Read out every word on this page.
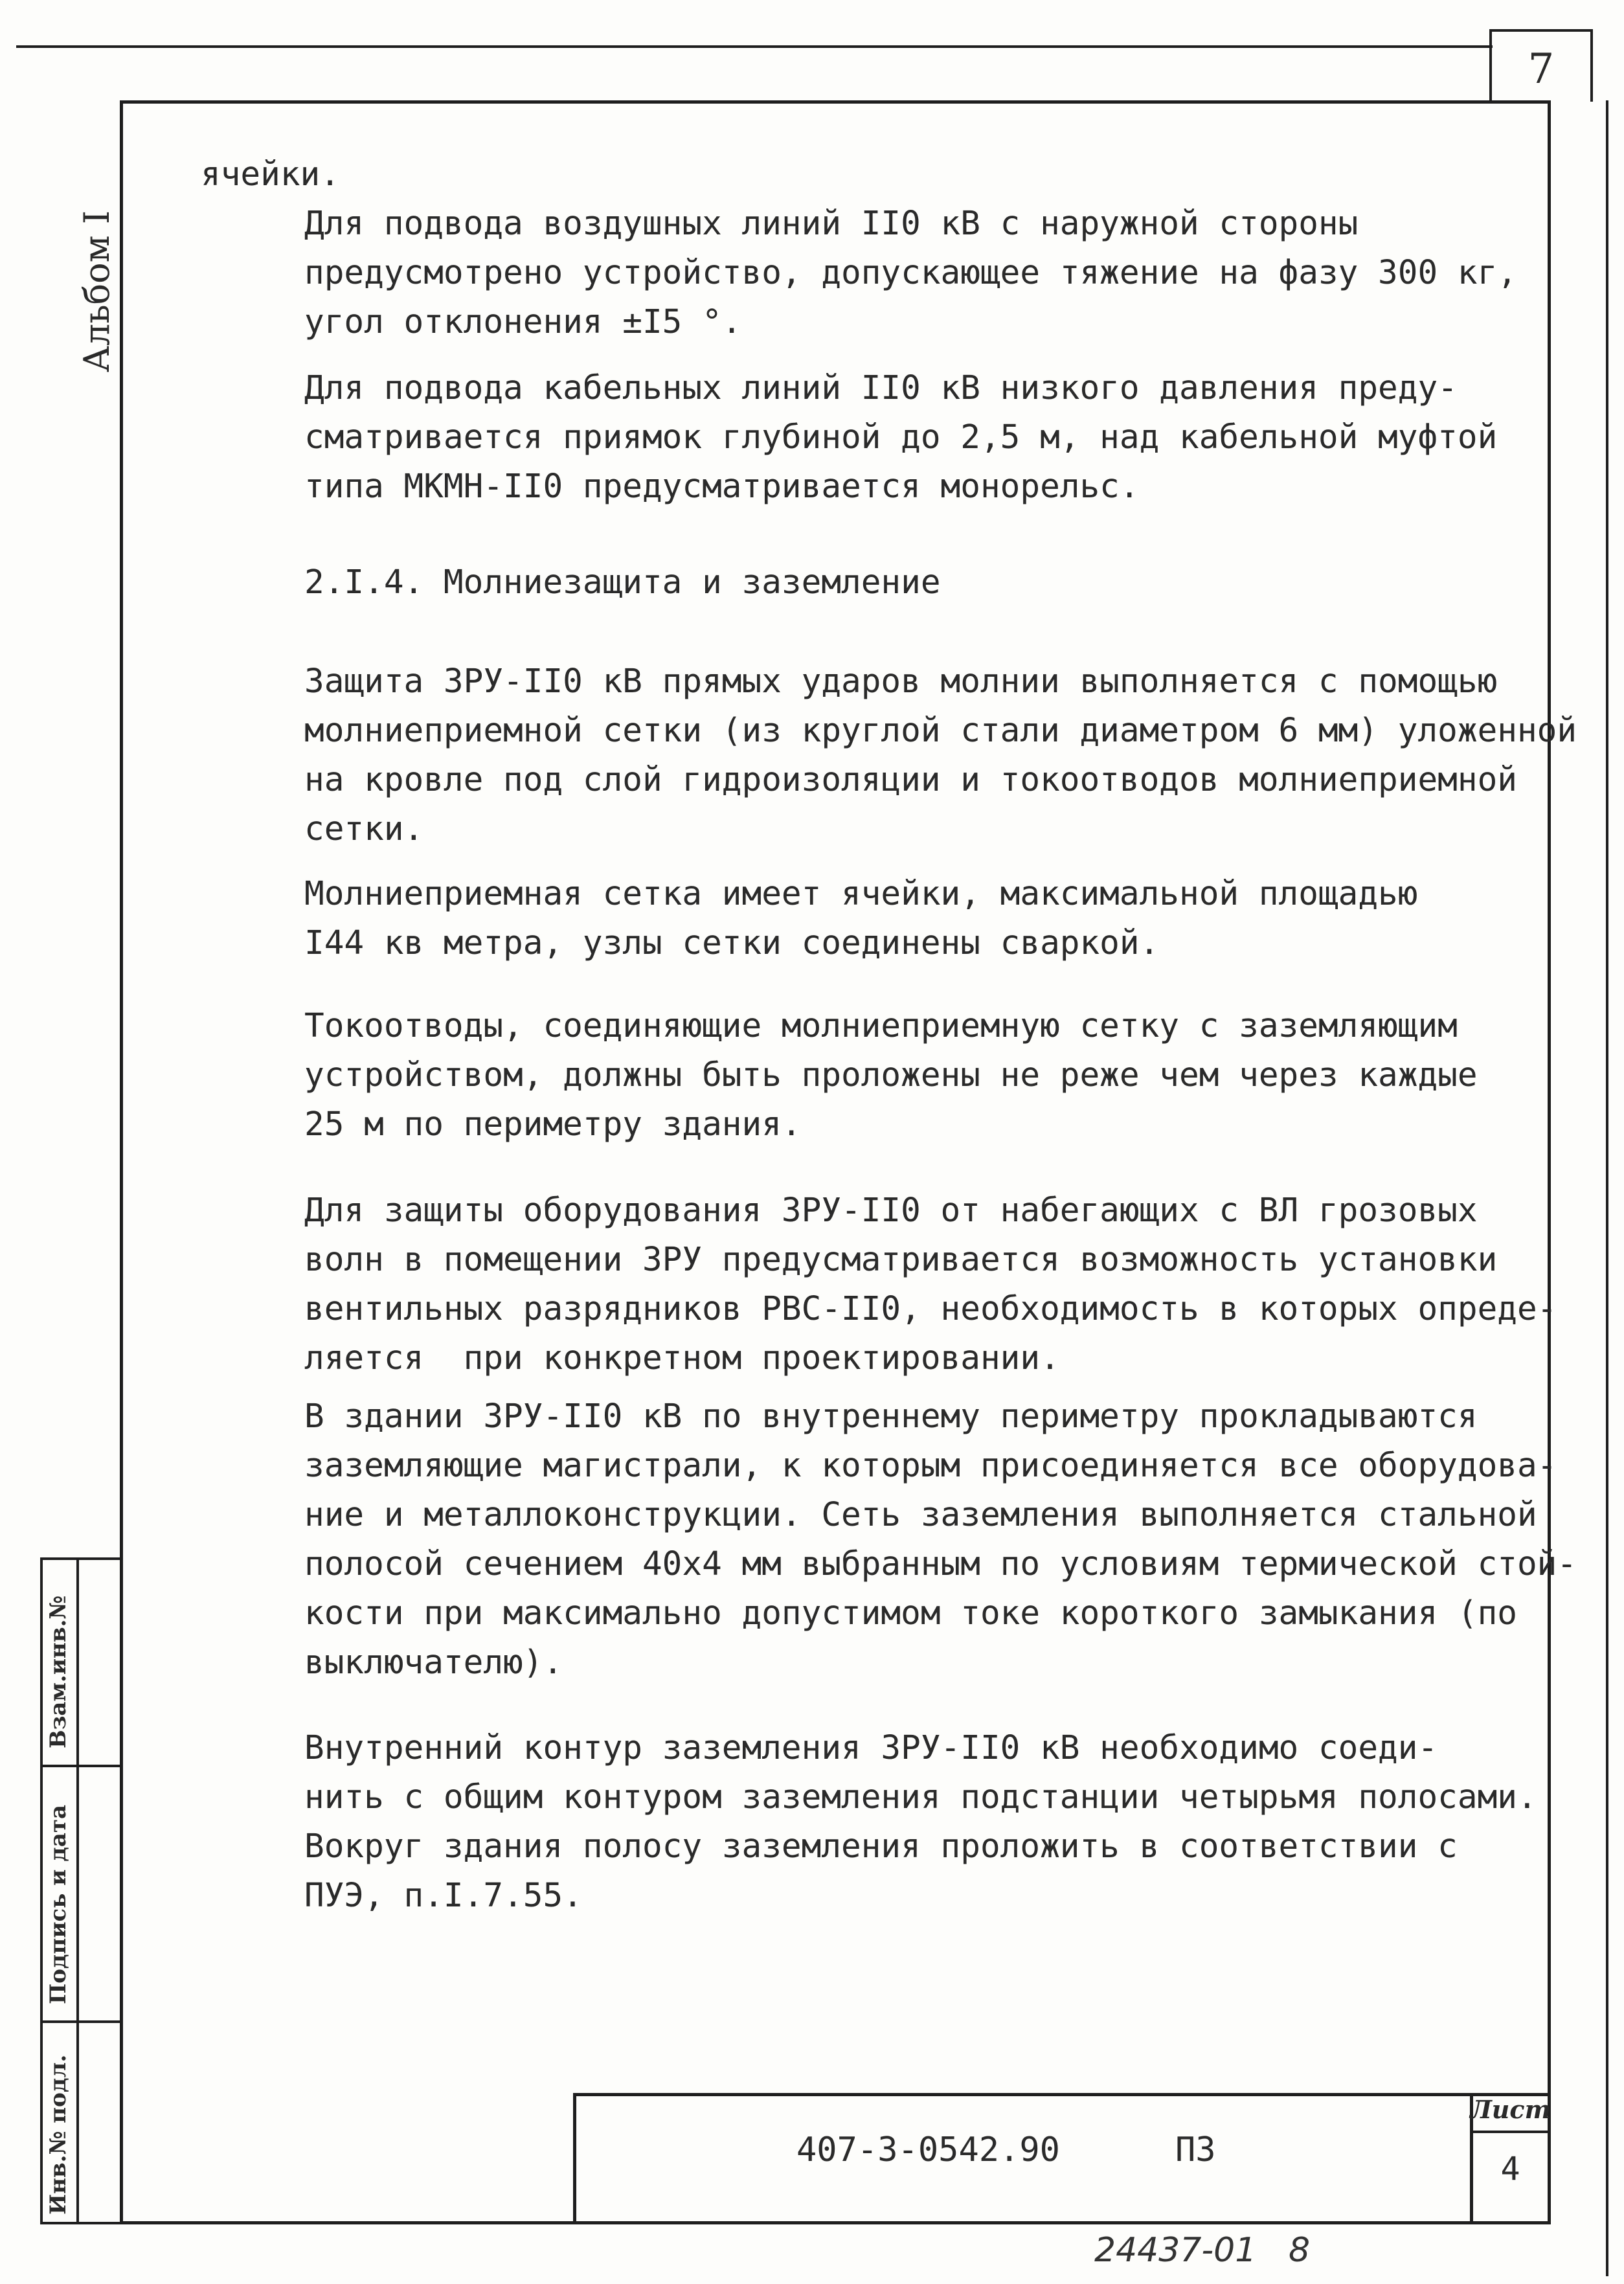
7
Альбом I
Взам.инв.№
Подпись и дата
Инв.№ подл.
ячейки.
Для подвода воздушных линий II0 кВ с наружной стороны
предусмотрено устройство, допускающее тяжение на фазу 300 кг,
угол отклонения ±I5 °.
Для подвода кабельных линий II0 кВ низкого давления преду-
сматривается приямок глубиной до 2,5 м, над кабельной муфтой
типа МКМН-II0 предусматривается монорельс.
2.I.4. Молниезащита и заземление
Защита ЗРУ-II0 кВ прямых ударов молнии выполняется с помощью
молниеприемной сетки (из круглой стали диаметром 6 мм) уложенной
на кровле под слой гидроизоляции и токоотводов молниеприемной
сетки.
Молниеприемная сетка имеет ячейки, максимальной площадью
I44 кв метра, узлы сетки соединены сваркой.
Токоотводы, соединяющие молниеприемную сетку с заземляющим
устройством, должны быть проложены не реже чем через каждые
25 м по периметру здания.
Для защиты оборудования ЗРУ-II0 от набегающих с ВЛ грозовых
волн в помещении ЗРУ предусматривается возможность установки
вентильных разрядников РВС-II0, необходимость в которых опреде-
ляется  при конкретном проектировании.
В здании ЗРУ-II0 кВ по внутреннему периметру прокладываются
заземляющие магистрали, к которым присоединяется все оборудова-
ние и металлоконструкции. Сеть заземления выполняется стальной
полосой сечением 40х4 мм выбранным по условиям термической стой-
кости при максимально допустимом токе короткого замыкания (по
выключателю).
Внутренний контур заземления ЗРУ-II0 кВ необходимо соеди-
нить с общим контуром заземления подстанции четырьмя полосами.
Вокруг здания полосу заземления проложить в соответствии с
ПУЭ, п.I.7.55.
Лист
4
407-3-0542.90	ПЗ
24437-01   8
